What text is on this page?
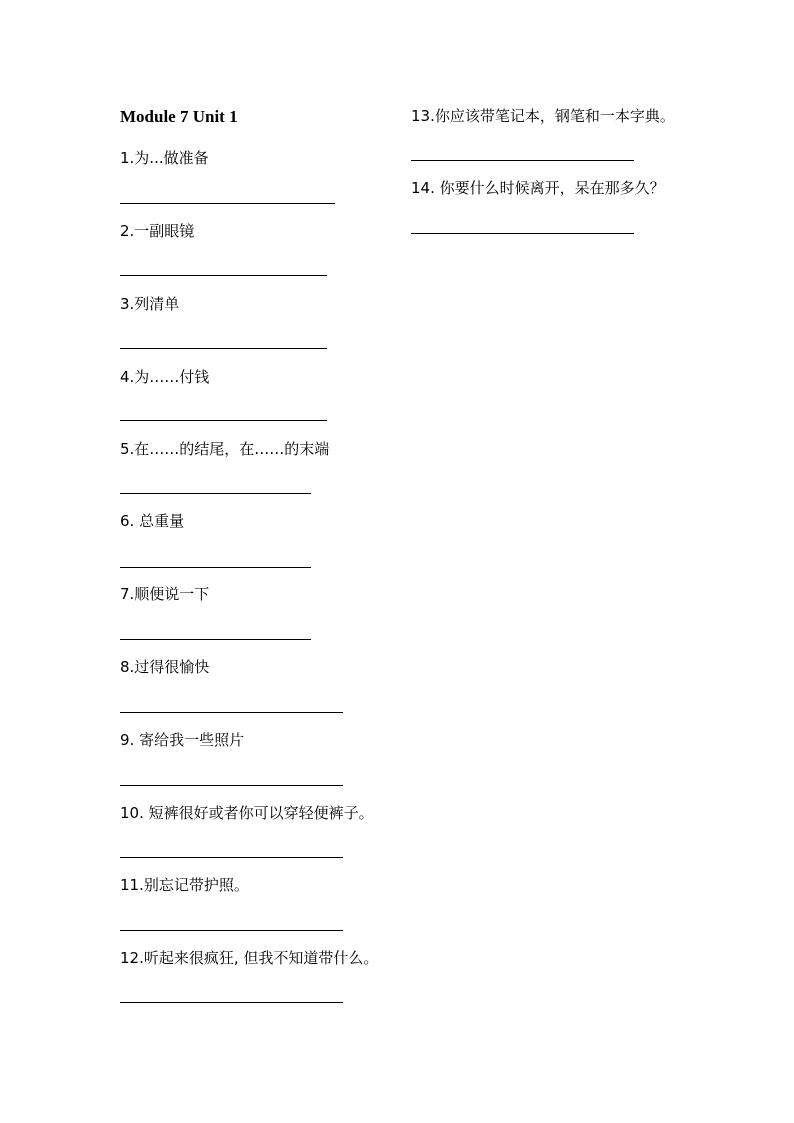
Module 7 Unit 1
1.为...做准备
2.一副眼镜
3.列清单
4.为……付钱
5.在……的结尾，在……的末端
6. 总重量
7.顺便说一下
8.过得很愉快
9. 寄给我一些照片
10. 短裤很好或者你可以穿轻便裤子。
11.别忘记带护照。
12.听起来很疯狂, 但我不知道带什么。
13.你应该带笔记本，钢笔和一本字典。
14. 你要什么时候离开，呆在那多久？
